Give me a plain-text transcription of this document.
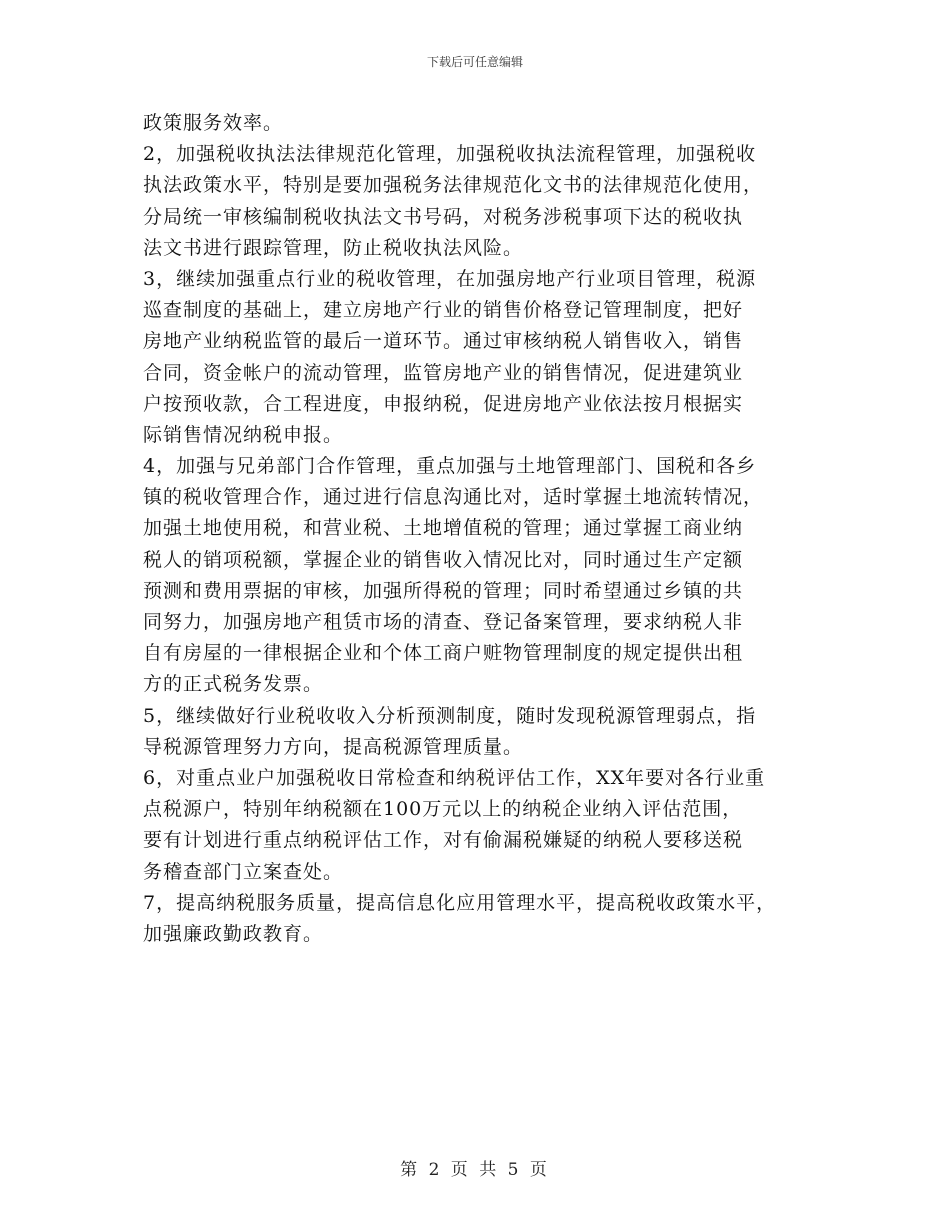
下载后可任意编辑
政策服务效率。
2，加强税收执法法律规范化管理，加强税收执法流程管理，加强税收
执法政策水平，特别是要加强税务法律规范化文书的法律规范化使用，
分局统一审核编制税收执法文书号码，对税务涉税事项下达的税收执
法文书进行跟踪管理，防止税收执法风险。
3，继续加强重点行业的税收管理，在加强房地产行业项目管理，税源
巡查制度的基础上，建立房地产行业的销售价格登记管理制度，把好
房地产业纳税监管的最后一道环节。通过审核纳税人销售收入，销售
合同，资金帐户的流动管理，监管房地产业的销售情况，促进建筑业
户按预收款，合工程进度，申报纳税，促进房地产业依法按月根据实
际销售情况纳税申报。
4，加强与兄弟部门合作管理，重点加强与土地管理部门、国税和各乡
镇的税收管理合作，通过进行信息沟通比对，适时掌握土地流转情况，
加强土地使用税，和营业税、土地增值税的管理；通过掌握工商业纳
税人的销项税额，掌握企业的销售收入情况比对，同时通过生产定额
预测和费用票据的审核，加强所得税的管理；同时希望通过乡镇的共
同努力，加强房地产租赁市场的清查、登记备案管理，要求纳税人非
自有房屋的一律根据企业和个体工商户赃物管理制度的规定提供出租
方的正式税务发票。
5，继续做好行业税收收入分析预测制度，随时发现税源管理弱点，指
导税源管理努力方向，提高税源管理质量。
6，对重点业户加强税收日常检查和纳税评估工作，XX年要对各行业重
点税源户，特别年纳税额在100万元以上的纳税企业纳入评估范围，
要有计划进行重点纳税评估工作，对有偷漏税嫌疑的纳税人要移送税
务稽查部门立案查处。
7，提高纳税服务质量，提高信息化应用管理水平，提高税收政策水平，
加强廉政勤政教育。
第 2 页 共 5 页
